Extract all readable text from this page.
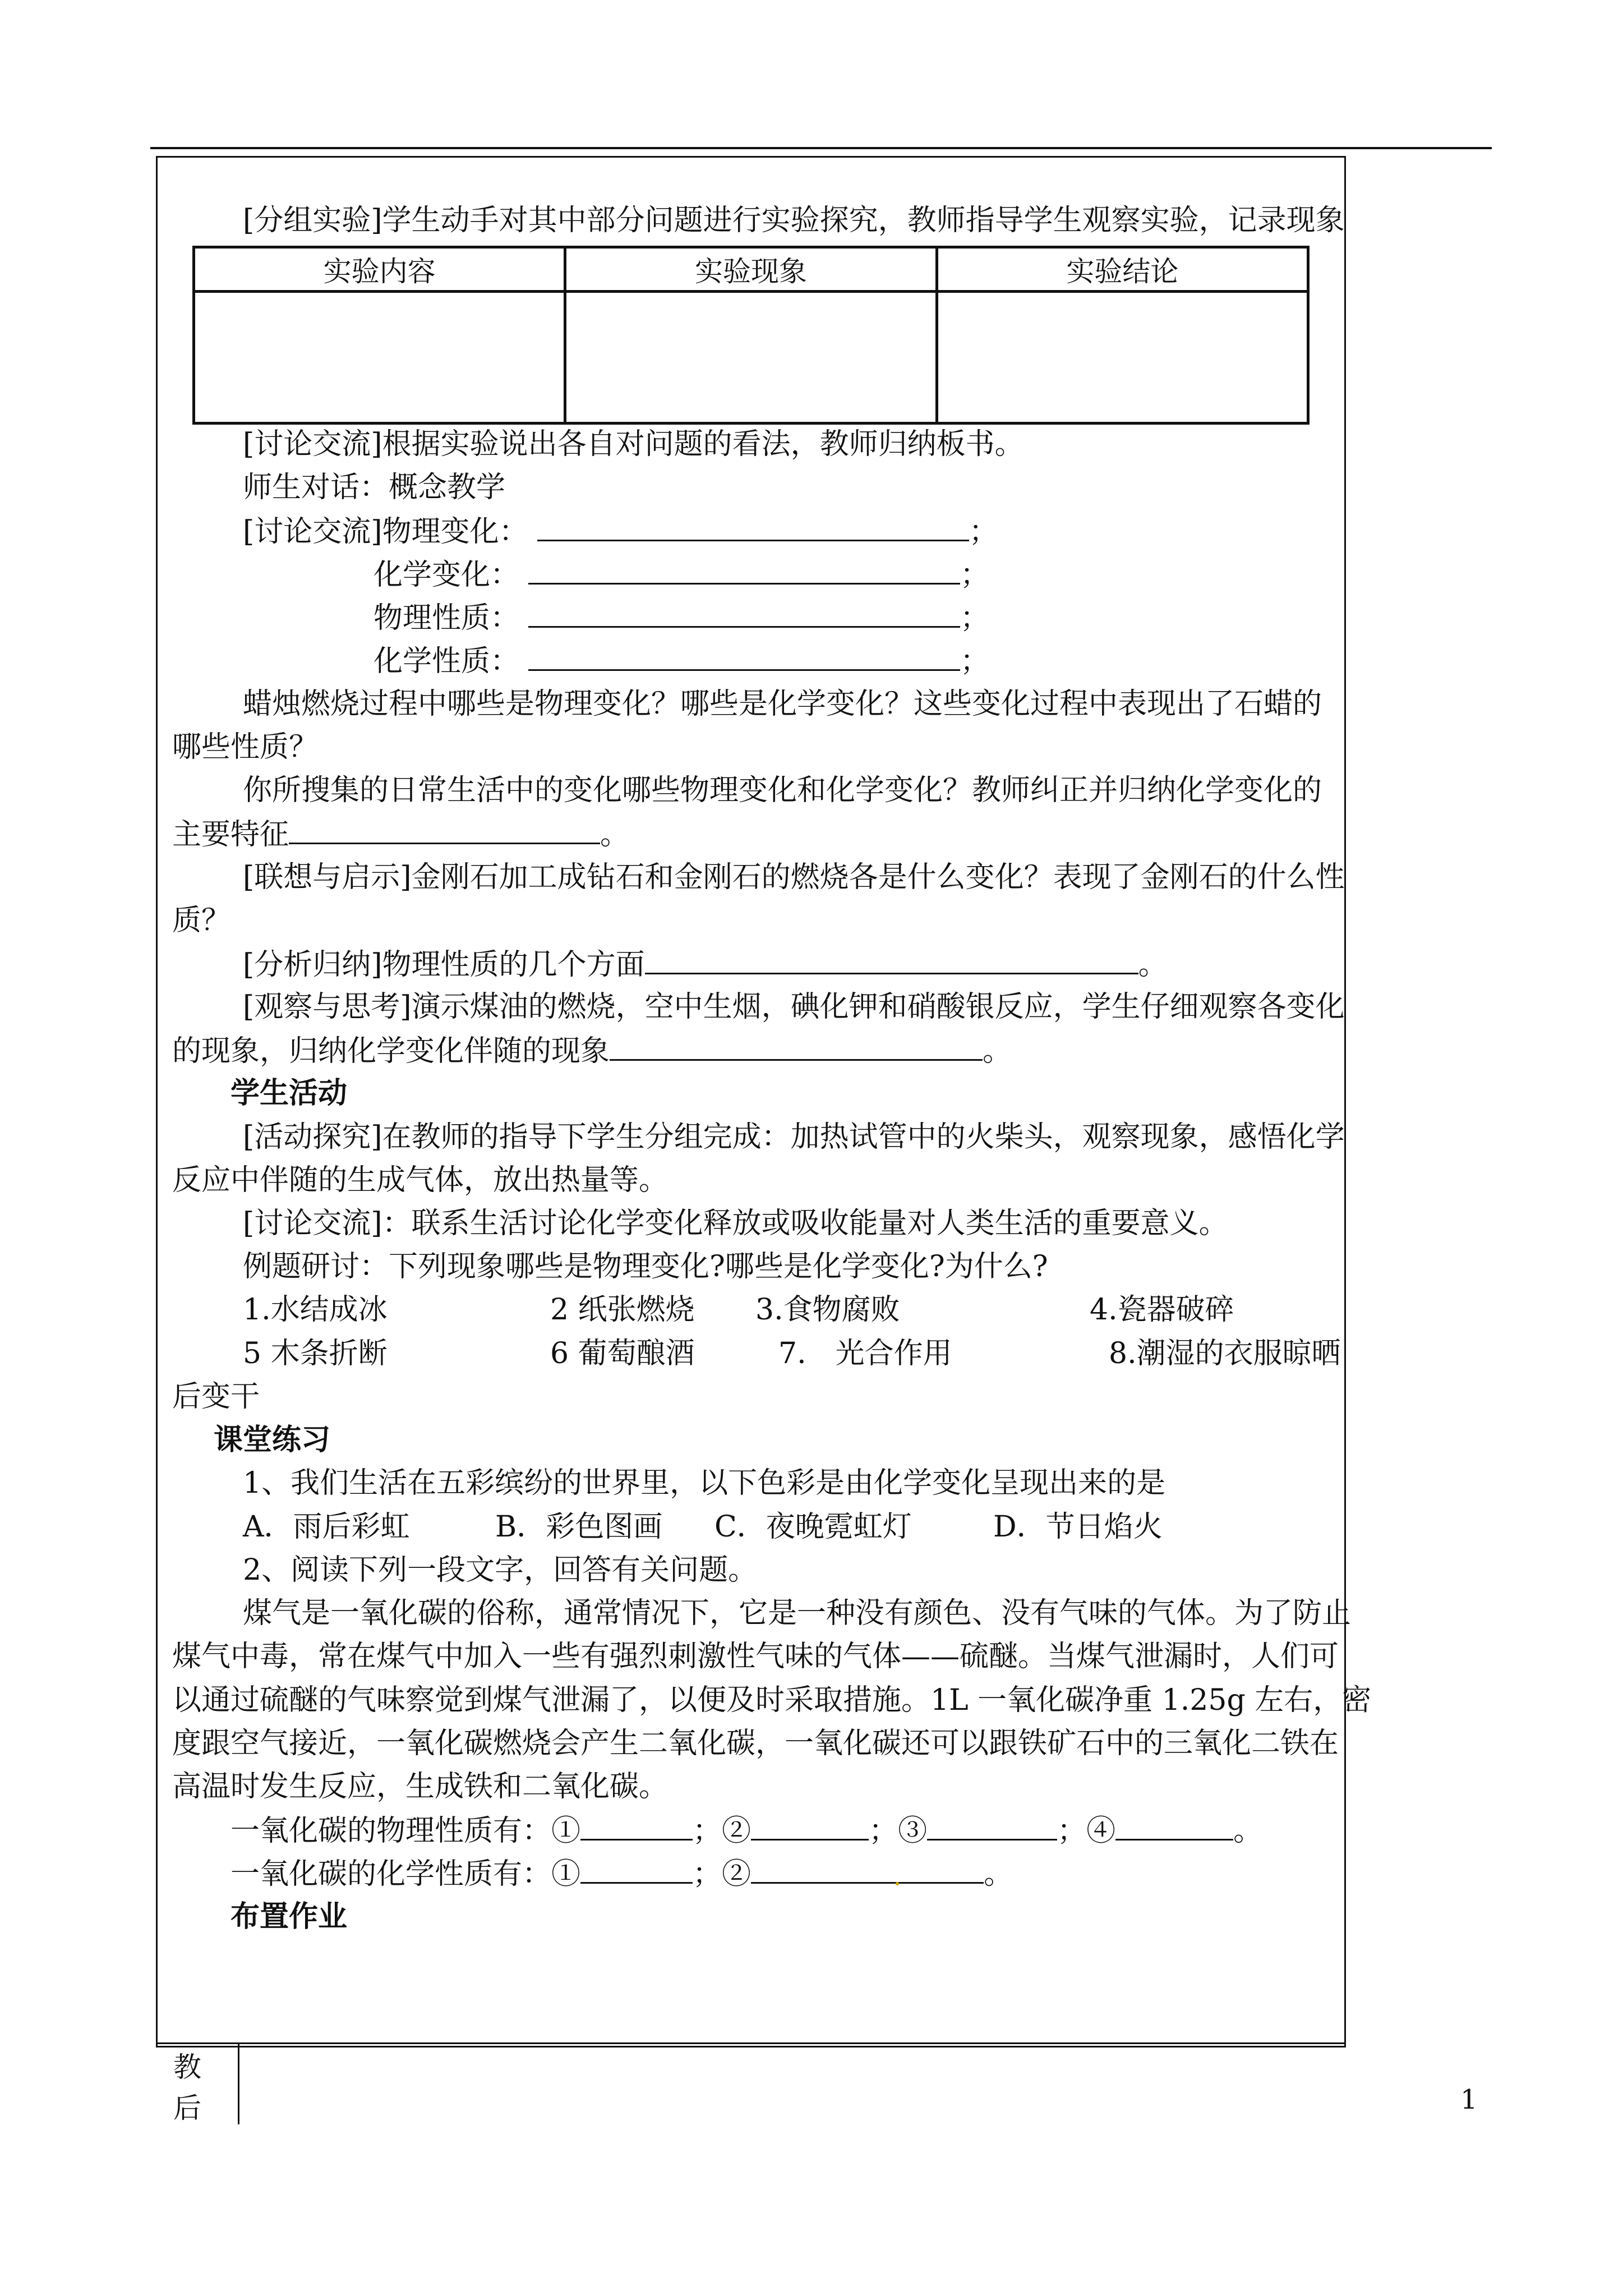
[分组实验]学生动手对其中部分问题进行实验探究，教师指导学生观察实验，记录现象
实验内容	实验现象	实验结论

[讨论交流]根据实验说出各自对问题的看法，教师归纳板书。
师生对话：概念教学
[讨论交流]物理变化：	；
化学变化：	；
物理性质：	；
化学性质：	；
蜡烛燃烧过程中哪些是物理变化？哪些是化学变化？这些变化过程中表现出了石蜡的
哪些性质？
你所搜集的日常生活中的变化哪些物理变化和化学变化？教师纠正并归纳化学变化的
主要特征	。
[联想与启示]金刚石加工成钻石和金刚石的燃烧各是什么变化？表现了金刚石的什么性
质？
[分析归纳]物理性质的几个方面	。
[观察与思考]演示煤油的燃烧，空中生烟，碘化钾和硝酸银反应，学生仔细观察各变化
的现象，归纳化学变化伴随的现象	。
学生活动
[活动探究]在教师的指导下学生分组完成：加热试管中的火柴头，观察现象，感悟化学
反应中伴随的生成气体，放出热量等。
[讨论交流]：联系生活讨论化学变化释放或吸收能量对人类生活的重要意义。
例题研讨：下列现象哪些是物理变化?哪些是化学变化?为什么?
1.水结成冰	2 纸张燃烧 3.食物腐败	4.瓷器破碎
5 木条折断	6 葡萄酿酒	7.　光合作用	8.潮湿的衣服晾晒
后变干
课堂练习
1、我们生活在五彩缤纷的世界里，以下色彩是由化学变化呈现出来的是
A．雨后彩虹	B．彩色图画 C．夜晚霓虹灯	D．节日焰火
2、阅读下列一段文字，回答有关问题。
煤气是一氧化碳的俗称，通常情况下，它是一种没有颜色、没有气味的气体。为了防止
煤气中毒，常在煤气中加入一些有强烈刺激性气味的气体——硫醚。当煤气泄漏时，人们可
以通过硫醚的气味察觉到煤气泄漏了，以便及时采取措施。1L 一氧化碳净重 1.25g 左右，密
度跟空气接近，一氧化碳燃烧会产生二氧化碳，一氧化碳还可以跟铁矿石中的三氧化二铁在
高温时发生反应，生成铁和二氧化碳。
一氧化碳的物理性质有：①	；②	；③	；④	。
一氧化碳的化学性质有：①	；②	。
布置作业
教
后	1
